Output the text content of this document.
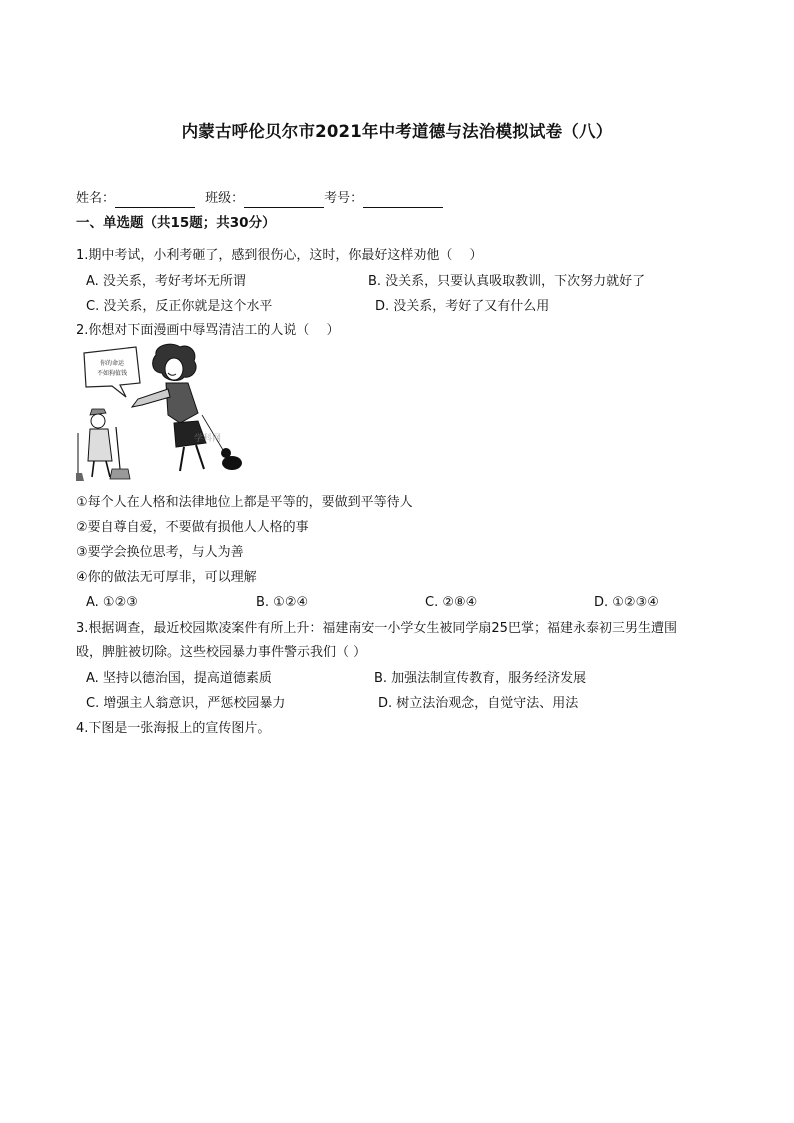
内蒙古呼伦贝尔市2021年中考道德与法治模拟试卷（八）
姓名：	班级：	考号：
一、单选题（共15题；共30分）
1.期中考试，小利考砸了，感到很伤心，这时，你最好这样劝他（　 ）
A. 没关系，考好考坏无所谓	B. 没关系，只要认真吸取教训，下次努力就好了
C. 没关系，反正你就是这个水平	D. 没关系，考好了又有什么用
2.你想对下面漫画中辱骂清洁工的人说（　 ）
你的命运
不如狗值钱
学科网
①每个人在人格和法律地位上都是平等的，要做到平等待人
②要自尊自爱，不要做有损他人人格的事
③要学会换位思考，与人为善
④你的做法无可厚非，可以理解
A. ①②③	B. ①②④	C. ②⑧④	D. ①②③④
3.根据调查，最近校园欺凌案件有所上升：福建南安一小学女生被同学扇25巴掌；福建永泰初三男生遭围
殴，脾脏被切除。这些校园暴力事件警示我们（ ）
A. 坚持以德治国，提高道德素质	B. 加强法制宣传教育，服务经济发展
C. 增强主人翁意识，严惩校园暴力	D. 树立法治观念，自觉守法、用法
4.下图是一张海报上的宣传图片。
